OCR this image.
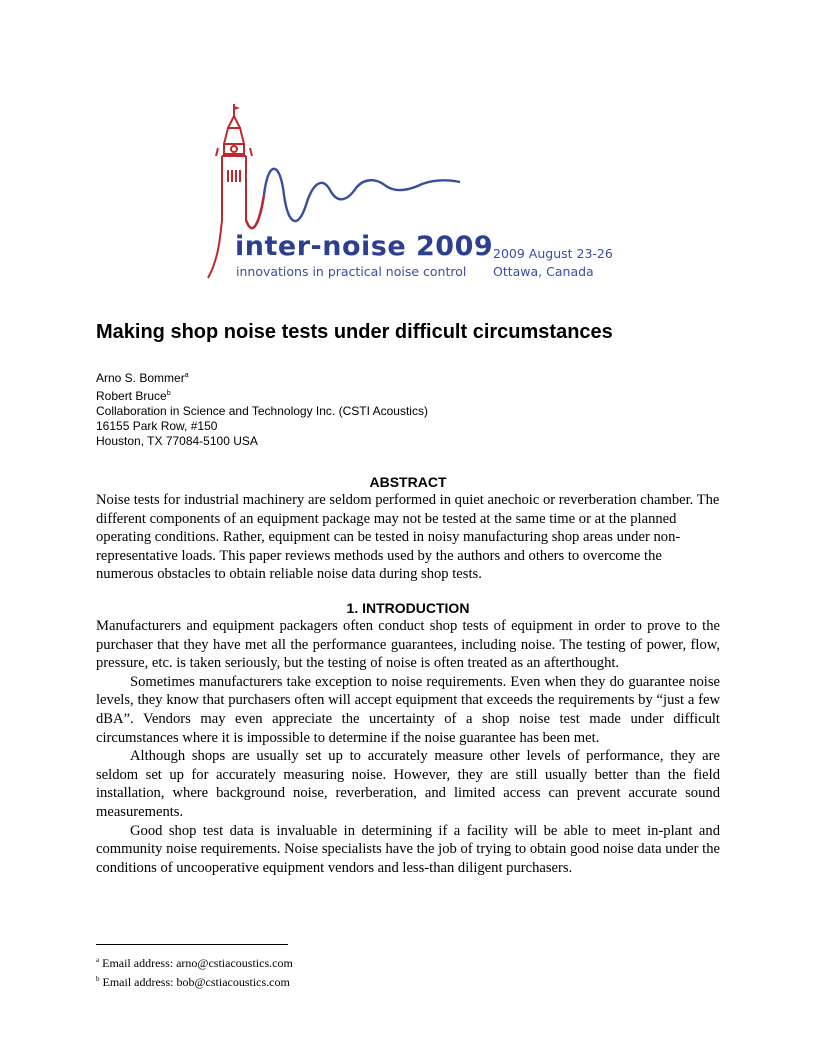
inter-noise 2009
innovations in practical noise control
2009 August 23-26
Ottawa, Canada
Making shop noise tests under difficult circumstances
Arno S. Bommer$^a$
Robert Bruce$^b$
Collaboration in Science and Technology Inc. (CSTI Acoustics)
16155 Park Row, #150
Houston, TX 77084-5100 USA
ABSTRACT

Noise tests for industrial machinery are seldom performed in quiet anechoic or reverberation chamber. The different components of an equipment package may not be tested at the same time or at the planned operating conditions. Rather, equipment can be tested in noisy manufacturing shop areas under non-representative loads. This paper reviews methods used by the authors and others to overcome the numerous obstacles to obtain reliable noise data during shop tests.

1. INTRODUCTION

Manufacturers and equipment packagers often conduct shop tests of equipment in order to prove to the purchaser that they have met all the performance guarantees, including noise. The testing of power, flow, pressure, etc. is taken seriously, but the testing of noise is often treated as an afterthought.

Sometimes manufacturers take exception to noise requirements. Even when they do guarantee noise levels, they know that purchasers often will accept equipment that exceeds the requirements by “just a few dBA”. Vendors may even appreciate the uncertainty of a shop noise test made under difficult circumstances where it is impossible to determine if the noise guarantee has been met.

Although shops are usually set up to accurately measure other levels of performance, they are seldom set up for accurately measuring noise. However, they are still usually better than the field installation, where background noise, reverberation, and limited access can prevent accurate sound measurements.

Good shop test data is invaluable in determining if a facility will be able to meet in-plant and community noise requirements. Noise specialists have the job of trying to obtain good noise data under the conditions of uncooperative equipment vendors and less-than diligent purchasers.

$^a$ Email address: arno@cstiacoustics.com
$^b$ Email address: bob@cstiacoustics.com
